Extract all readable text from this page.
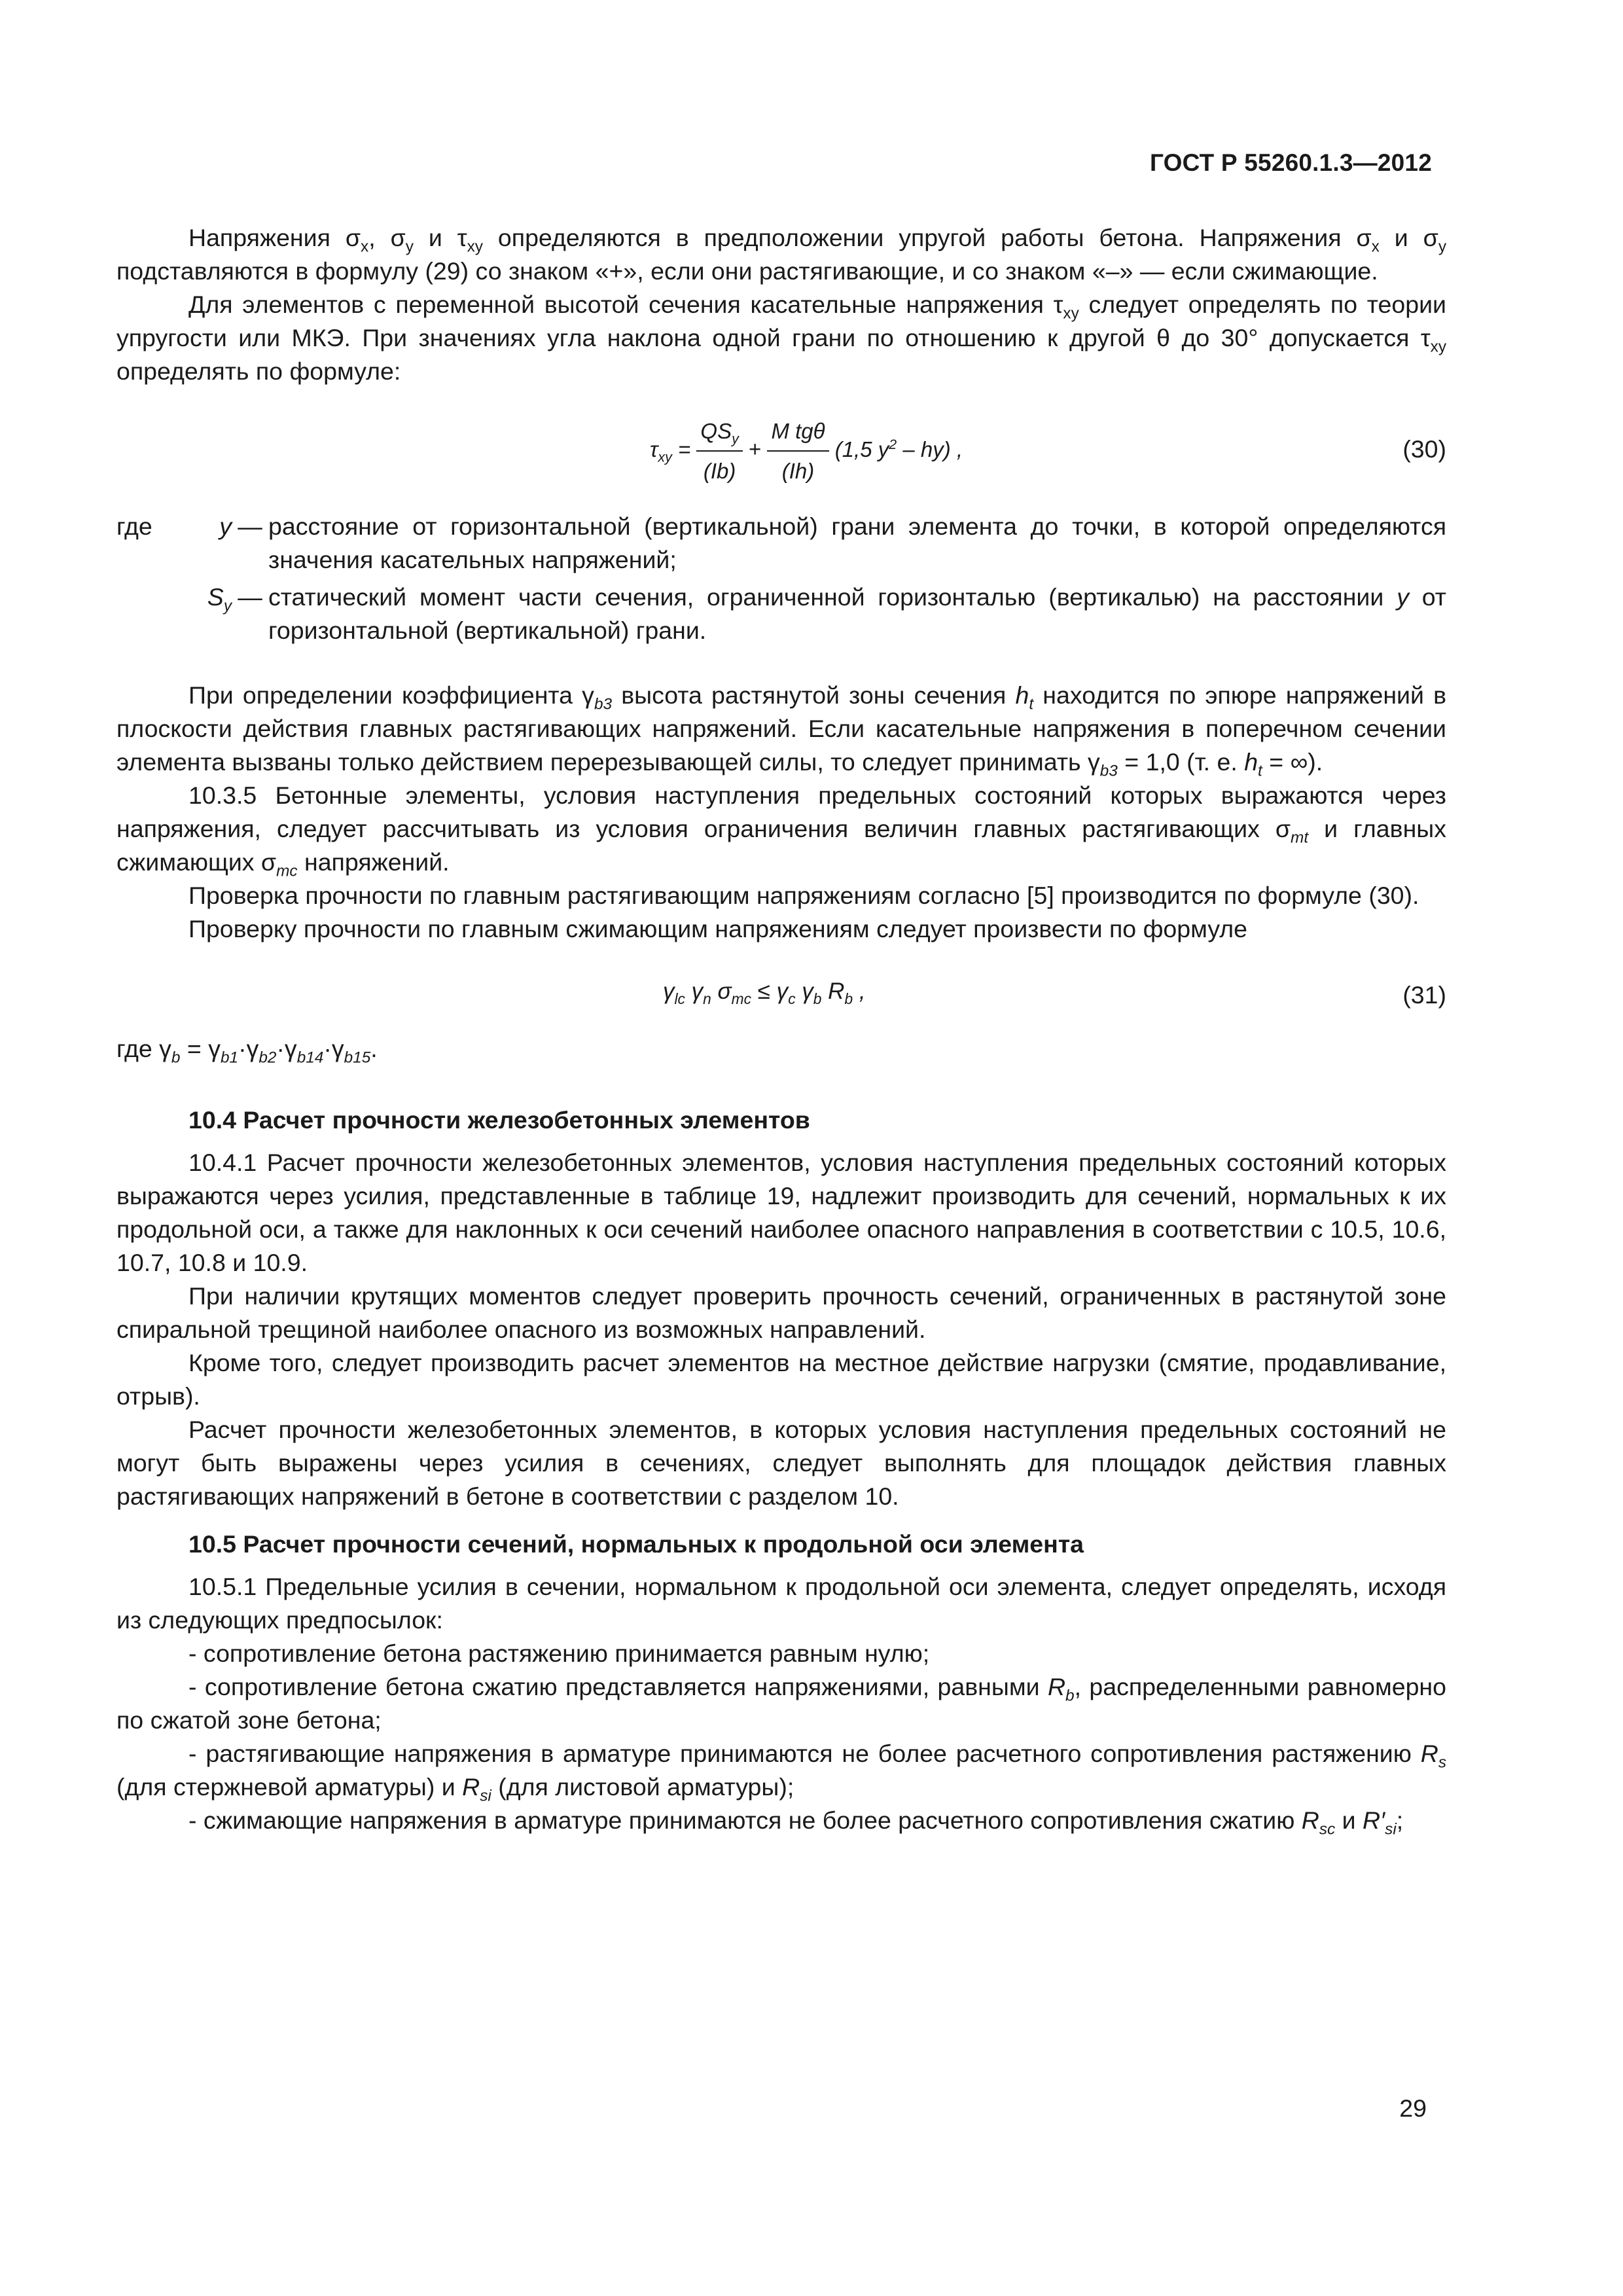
ГОСТ Р 55260.1.3—2012

Напряжения $\sigma_x$, $\sigma_y$ и $\tau_{xy}$ определяются в предположении упругой работы бетона. Напряжения $\sigma_x$ и $\sigma_y$ подставляются в формулу (29) со знаком «+», если они растягивающие, и со знаком «–» — если сжимающие.

Для элементов с переменной высотой сечения касательные напряжения $\tau_{xy}$ следует определять по теории упругости или МКЭ. При значениях угла наклона одной грани по отношению к другой θ до 30° допускается $\tau_{xy}$ определять по формуле:

$\tau_{xy} = \frac{QS_y}{(Ib)} + \frac{\text{M tgθ}}{(Ih)} (1,5$ $y^2 - hy$) ,	(30)
где	y — расстояние от горизонтальной (вертикальной) грани элемента до точки, в которой определяются значения касательных напряжений;
$S_y$ — статический момент части сечения, ограниченной горизонталью (вертикалью) на расстоянии y от горизонтальной (вертикальной) грани.

При определении коэффициента $\gamma_{b3}$ высота растянутой зоны сечения $h_t$ находится по эпюре напряжений в плоскости действия главных растягивающих напряжений. Если касательные напряжения в поперечном сечении элемента вызваны только действием перерезывающей силы, то следует принимать $\gamma_{b3} = 1,0$ (т. е. $h_t$ = ∞).

10.3.5 Бетонные элементы, условия наступления предельных состояний которых выражаются через напряжения, следует рассчитывать из условия ограничения величин главных растягивающих $\sigma_{mt}$ и главных сжимающих $\sigma_{mc}$ напряжений.

Проверка прочности по главным растягивающим напряжениям согласно [5] производится по формуле (30).

Проверку прочности по главным сжимающим напряжениям следует произвести по формуле

$\gamma_{lc}$ $\gamma_n$ $\sigma_{mc} \le \gamma_c$ $\gamma_b$ $R_b$ ,	(31)

где $\gamma_b = \gamma_{b1}\cdot\gamma_{b2}\cdot\gamma_{b14}\cdot\gamma_{b15}$.

10.4 Расчет прочности железобетонных элементов

10.4.1 Расчет прочности железобетонных элементов, условия наступления предельных состояний которых выражаются через усилия, представленные в таблице 19, надлежит производить для сечений, нормальных к их продольной оси, а также для наклонных к оси сечений наиболее опасного направления в соответствии с 10.5, 10.6, 10.7, 10.8 и 10.9.

При наличии крутящих моментов следует проверить прочность сечений, ограниченных в растянутой зоне спиральной трещиной наиболее опасного из возможных направлений.

Кроме того, следует производить расчет элементов на местное действие нагрузки (смятие, продавливание, отрыв).

Расчет прочности железобетонных элементов, в которых условия наступления предельных состояний не могут быть выражены через усилия в сечениях, следует выполнять для площадок действия главных растягивающих напряжений в бетоне в соответствии с разделом 10.

10.5 Расчет прочности сечений, нормальных к продольной оси элемента

10.5.1 Предельные усилия в сечении, нормальном к продольной оси элемента, следует определять, исходя из следующих предпосылок:

- сопротивление бетона растяжению принимается равным нулю;

- сопротивление бетона сжатию представляется напряжениями, равными $R_b$, распределенными равномерно по сжатой зоне бетона;

- растягивающие напряжения в арматуре принимаются не более расчетного сопротивления растяжению $R_s$ (для стержневой арматуры) и $R_{si}$ (для листовой арматуры);

- сжимающие напряжения в арматуре принимаются не более расчетного сопротивления сжатию $R_{sc}$ и $R'_{si}$;

29
